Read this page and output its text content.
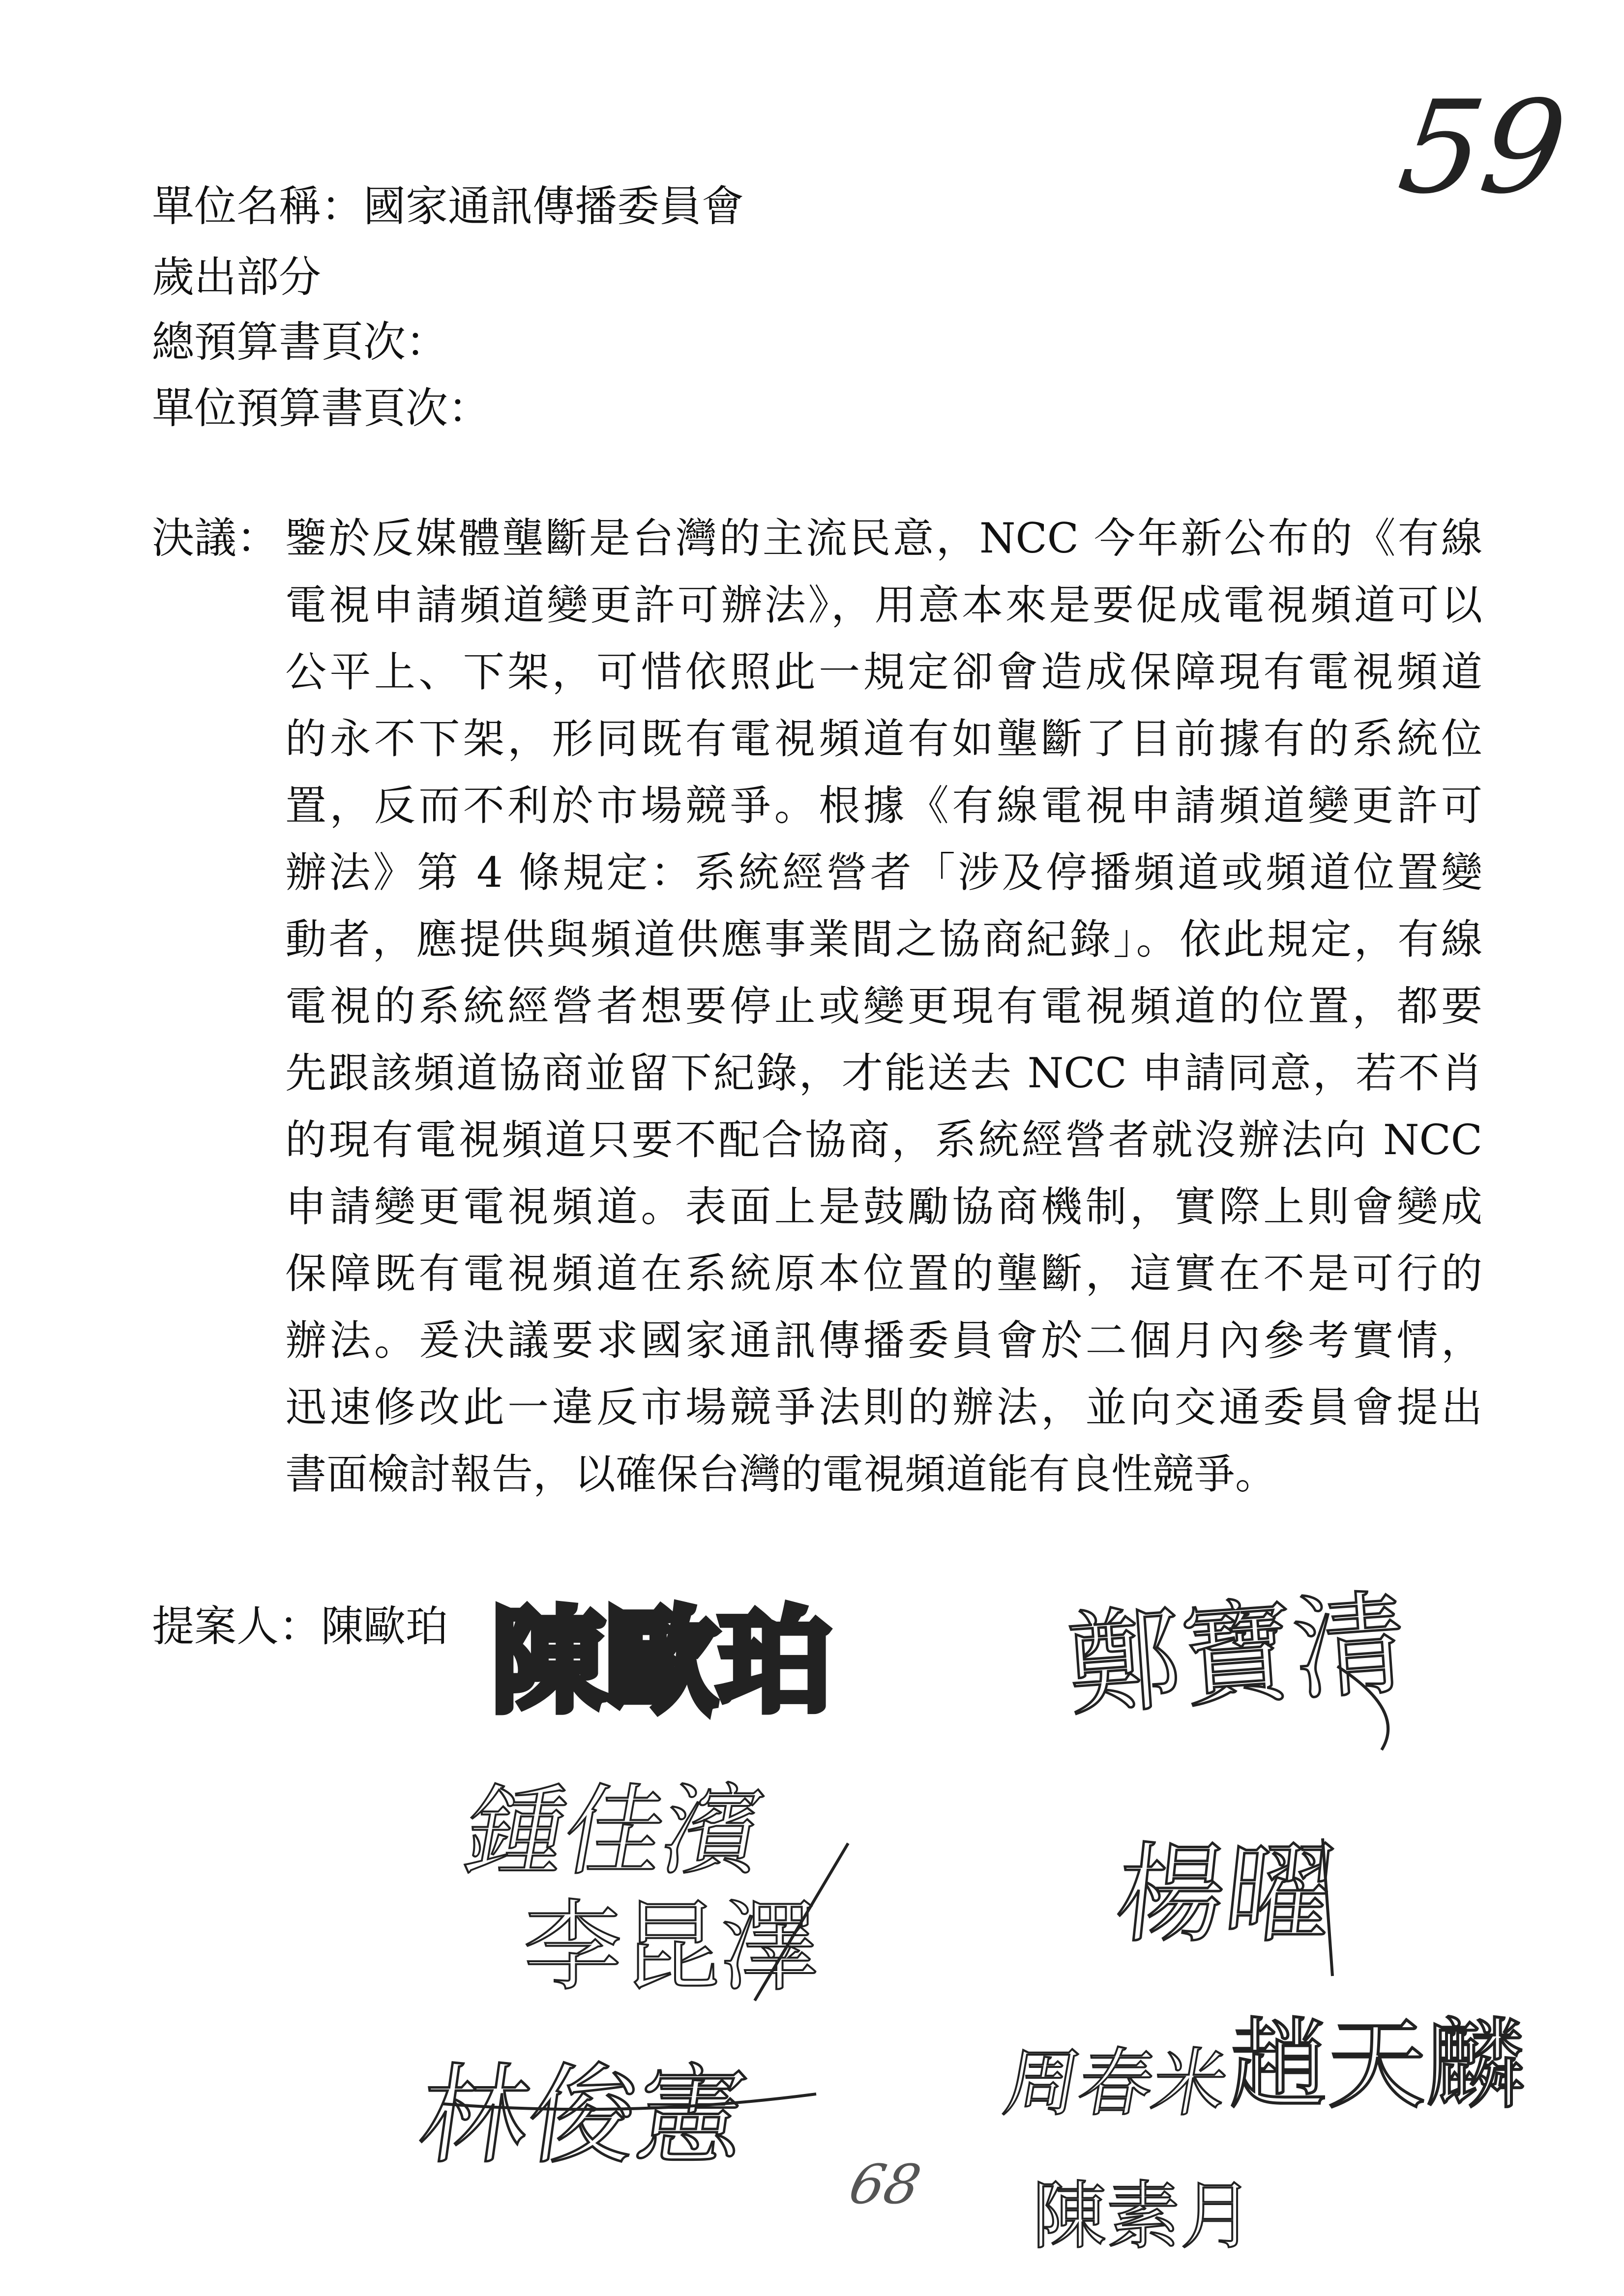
59
單位名稱：國家通訊傳播委員會
歲出部分
總預算書頁次：
單位預算書頁次：
決議： 鑒於反媒體壟斷是台灣的主流民意，NCC 今年新公布的《有線
電視申請頻道變更許可辦法》，用意本來是要促成電視頻道可以
公平上、下架，可惜依照此一規定卻會造成保障現有電視頻道
的永不下架，形同既有電視頻道有如壟斷了目前據有的系統位
置，反而不利於市場競爭。根據《有線電視申請頻道變更許可
辦法》第 4 條規定：系統經營者「涉及停播頻道或頻道位置變
動者，應提供與頻道供應事業間之協商紀錄」。依此規定，有線
電視的系統經營者想要停止或變更現有電視頻道的位置，都要
先跟該頻道協商並留下紀錄，才能送去 NCC 申請同意，若不肖
的現有電視頻道只要不配合協商，系統經營者就沒辦法向 NCC
申請變更電視頻道。表面上是鼓勵協商機制，實際上則會變成
保障既有電視頻道在系統原本位置的壟斷，這實在不是可行的
辦法。爰決議要求國家通訊傳播委員會於二個月內參考實情，
迅速修改此一違反市場競爭法則的辦法，並向交通委員會提出
書面檢討報告，以確保台灣的電視頻道能有良性競爭。
提案人：陳歐珀 陳歐珀 鄭寶清
鍾佳濱
楊曜
李昆澤
林俊憲	周春米
趙天麟
陳素月
68
